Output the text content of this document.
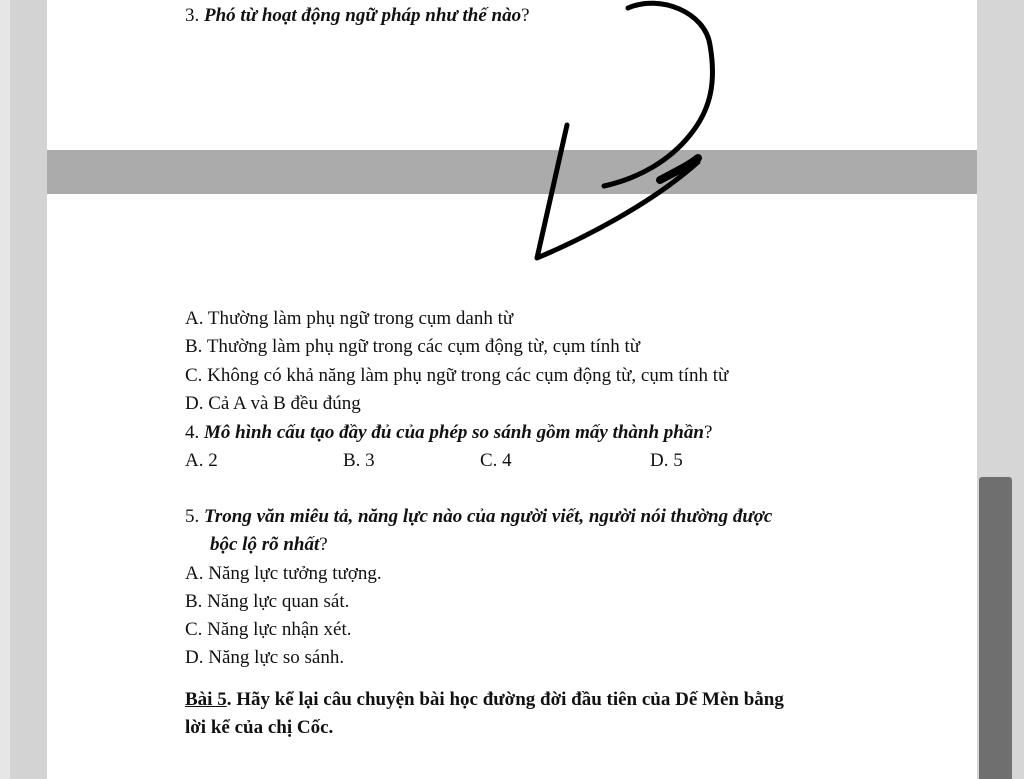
3. Phó từ hoạt động ngữ pháp như thế nào?
A. Thường làm phụ ngữ trong cụm danh từ
B. Thường làm phụ ngữ trong các cụm động từ, cụm tính từ
C. Không có khả năng làm phụ ngữ trong các cụm động từ, cụm tính từ
D. Cả A và B đều đúng
4. Mô hình cấu tạo đầy đủ của phép so sánh gồm mấy thành phần?
A. 2	B. 3	C. 4	D. 5
5. Trong văn miêu tả, năng lực nào của người viết, người nói thường được
bộc lộ rõ nhất?
A. Năng lực tưởng tượng.
B. Năng lực quan sát.
C. Năng lực nhận xét.
D. Năng lực so sánh.
Bài 5. Hãy kể lại câu chuyện bài học đường đời đầu tiên của Dế Mèn bằng
lời kể của chị Cốc.
